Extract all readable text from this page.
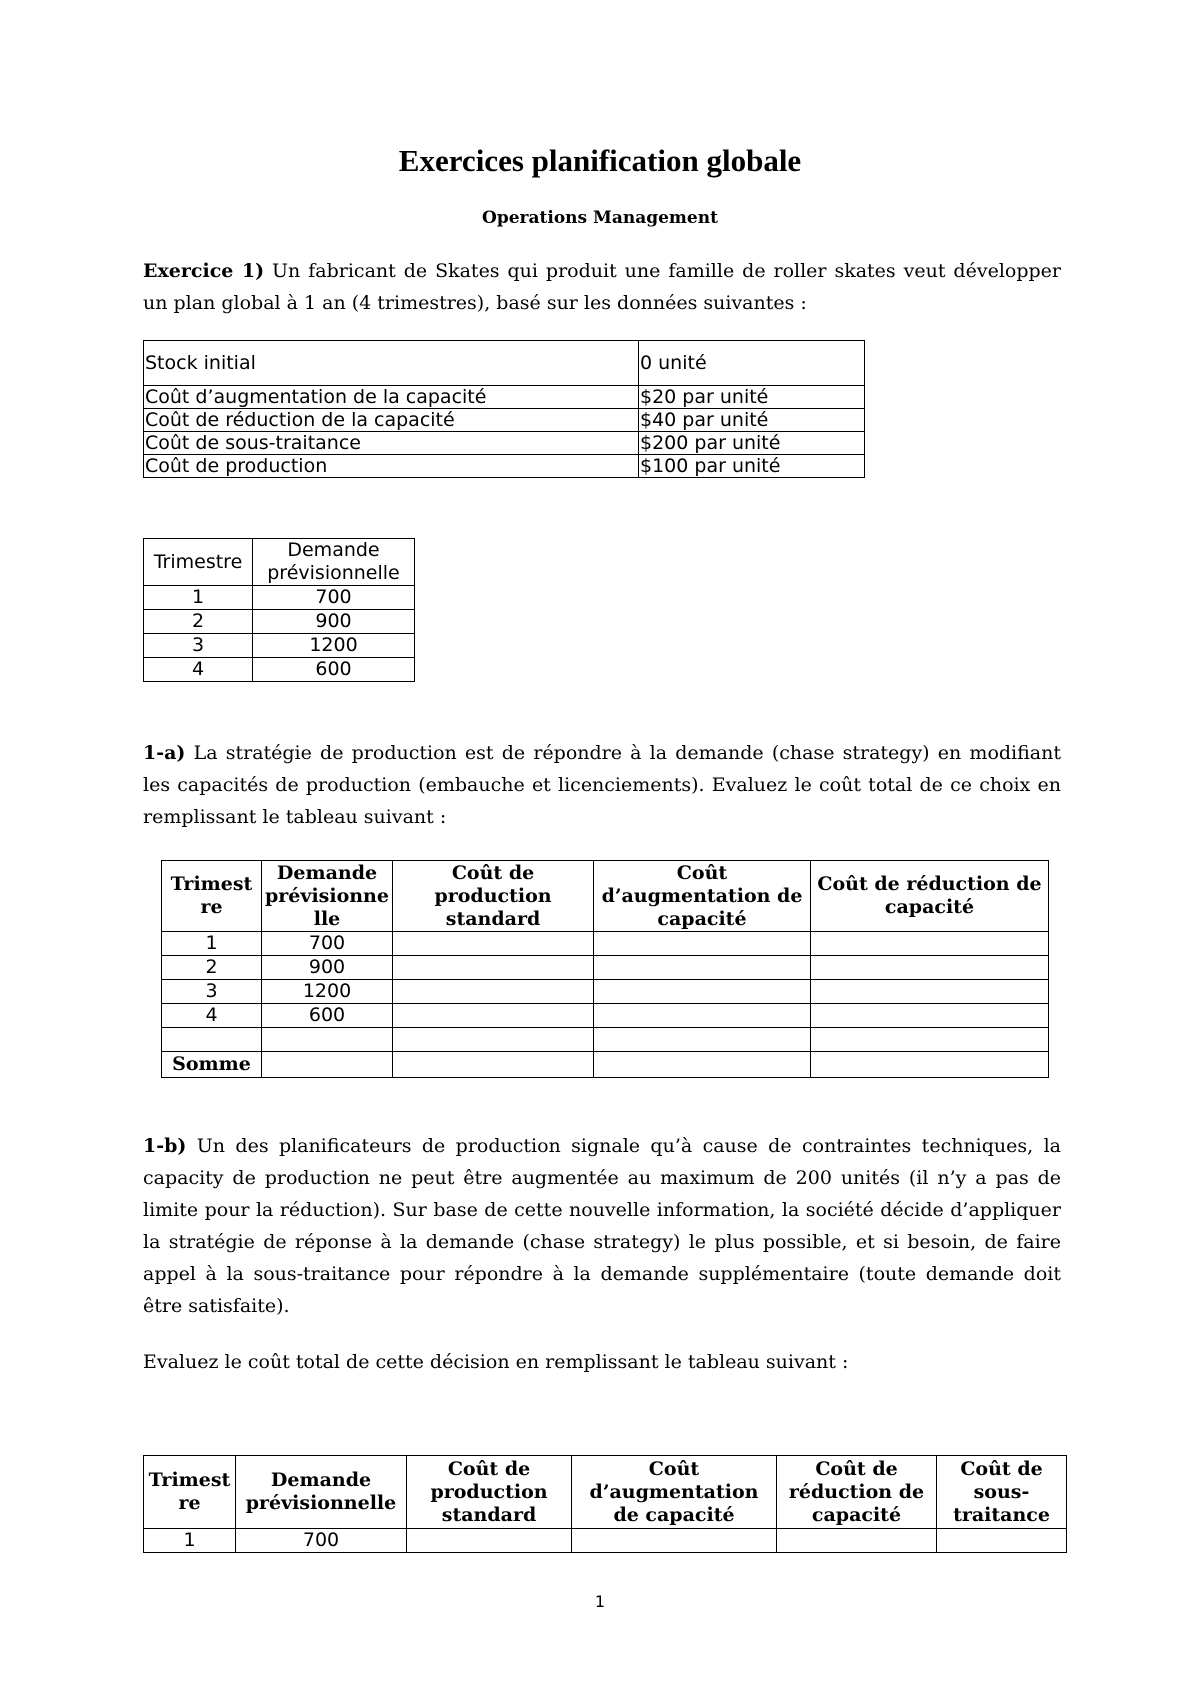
Exercices planification globale
Operations Management

Exercice 1) Un fabricant de Skates qui produit une famille de roller skates veut développer un plan global à 1 an (4 trimestres), basé sur les données suivantes :

Stock initial	0 unité
Coût d’augmentation de la capacité	$20 par unité
Coût de réduction de la capacité	$40 par unité
Coût de sous-traitance	$200 par unité
Coût de production	$100 par unité
Trimestre	Demande prévisionnelle
1	700
2	900
3	1200
4	600

1-a) La stratégie de production est de répondre à la demande (chase strategy) en modifiant les capacités de production (embauche et licenciements). Evaluez le coût total de ce choix en remplissant le tableau suivant :

Trimest re	Demande prévisionne lle	Coût de production standard	Coût d’augmentation de capacité	Coût de réduction de capacité
1	700			
2	900			
3	1200			
4	600			

Somme				

1-b) Un des planificateurs de production signale qu’à cause de contraintes techniques, la capacity de production ne peut être augmentée au maximum de 200 unités (il n’y a pas de limite pour la réduction). Sur base de cette nouvelle information, la société décide d’appliquer la stratégie de réponse à la demande (chase strategy) le plus possible, et si besoin, de faire appel à la sous-traitance pour répondre à la demande supplémentaire (toute demande doit être satisfaite).

Evaluez le coût total de cette décision en remplissant le tableau suivant :

Trimest re	Demande prévisionnelle	Coût de production standard	Coût d’augmentation de capacité	Coût de réduction de capacité	Coût de sous-traitance
1	700				
1
